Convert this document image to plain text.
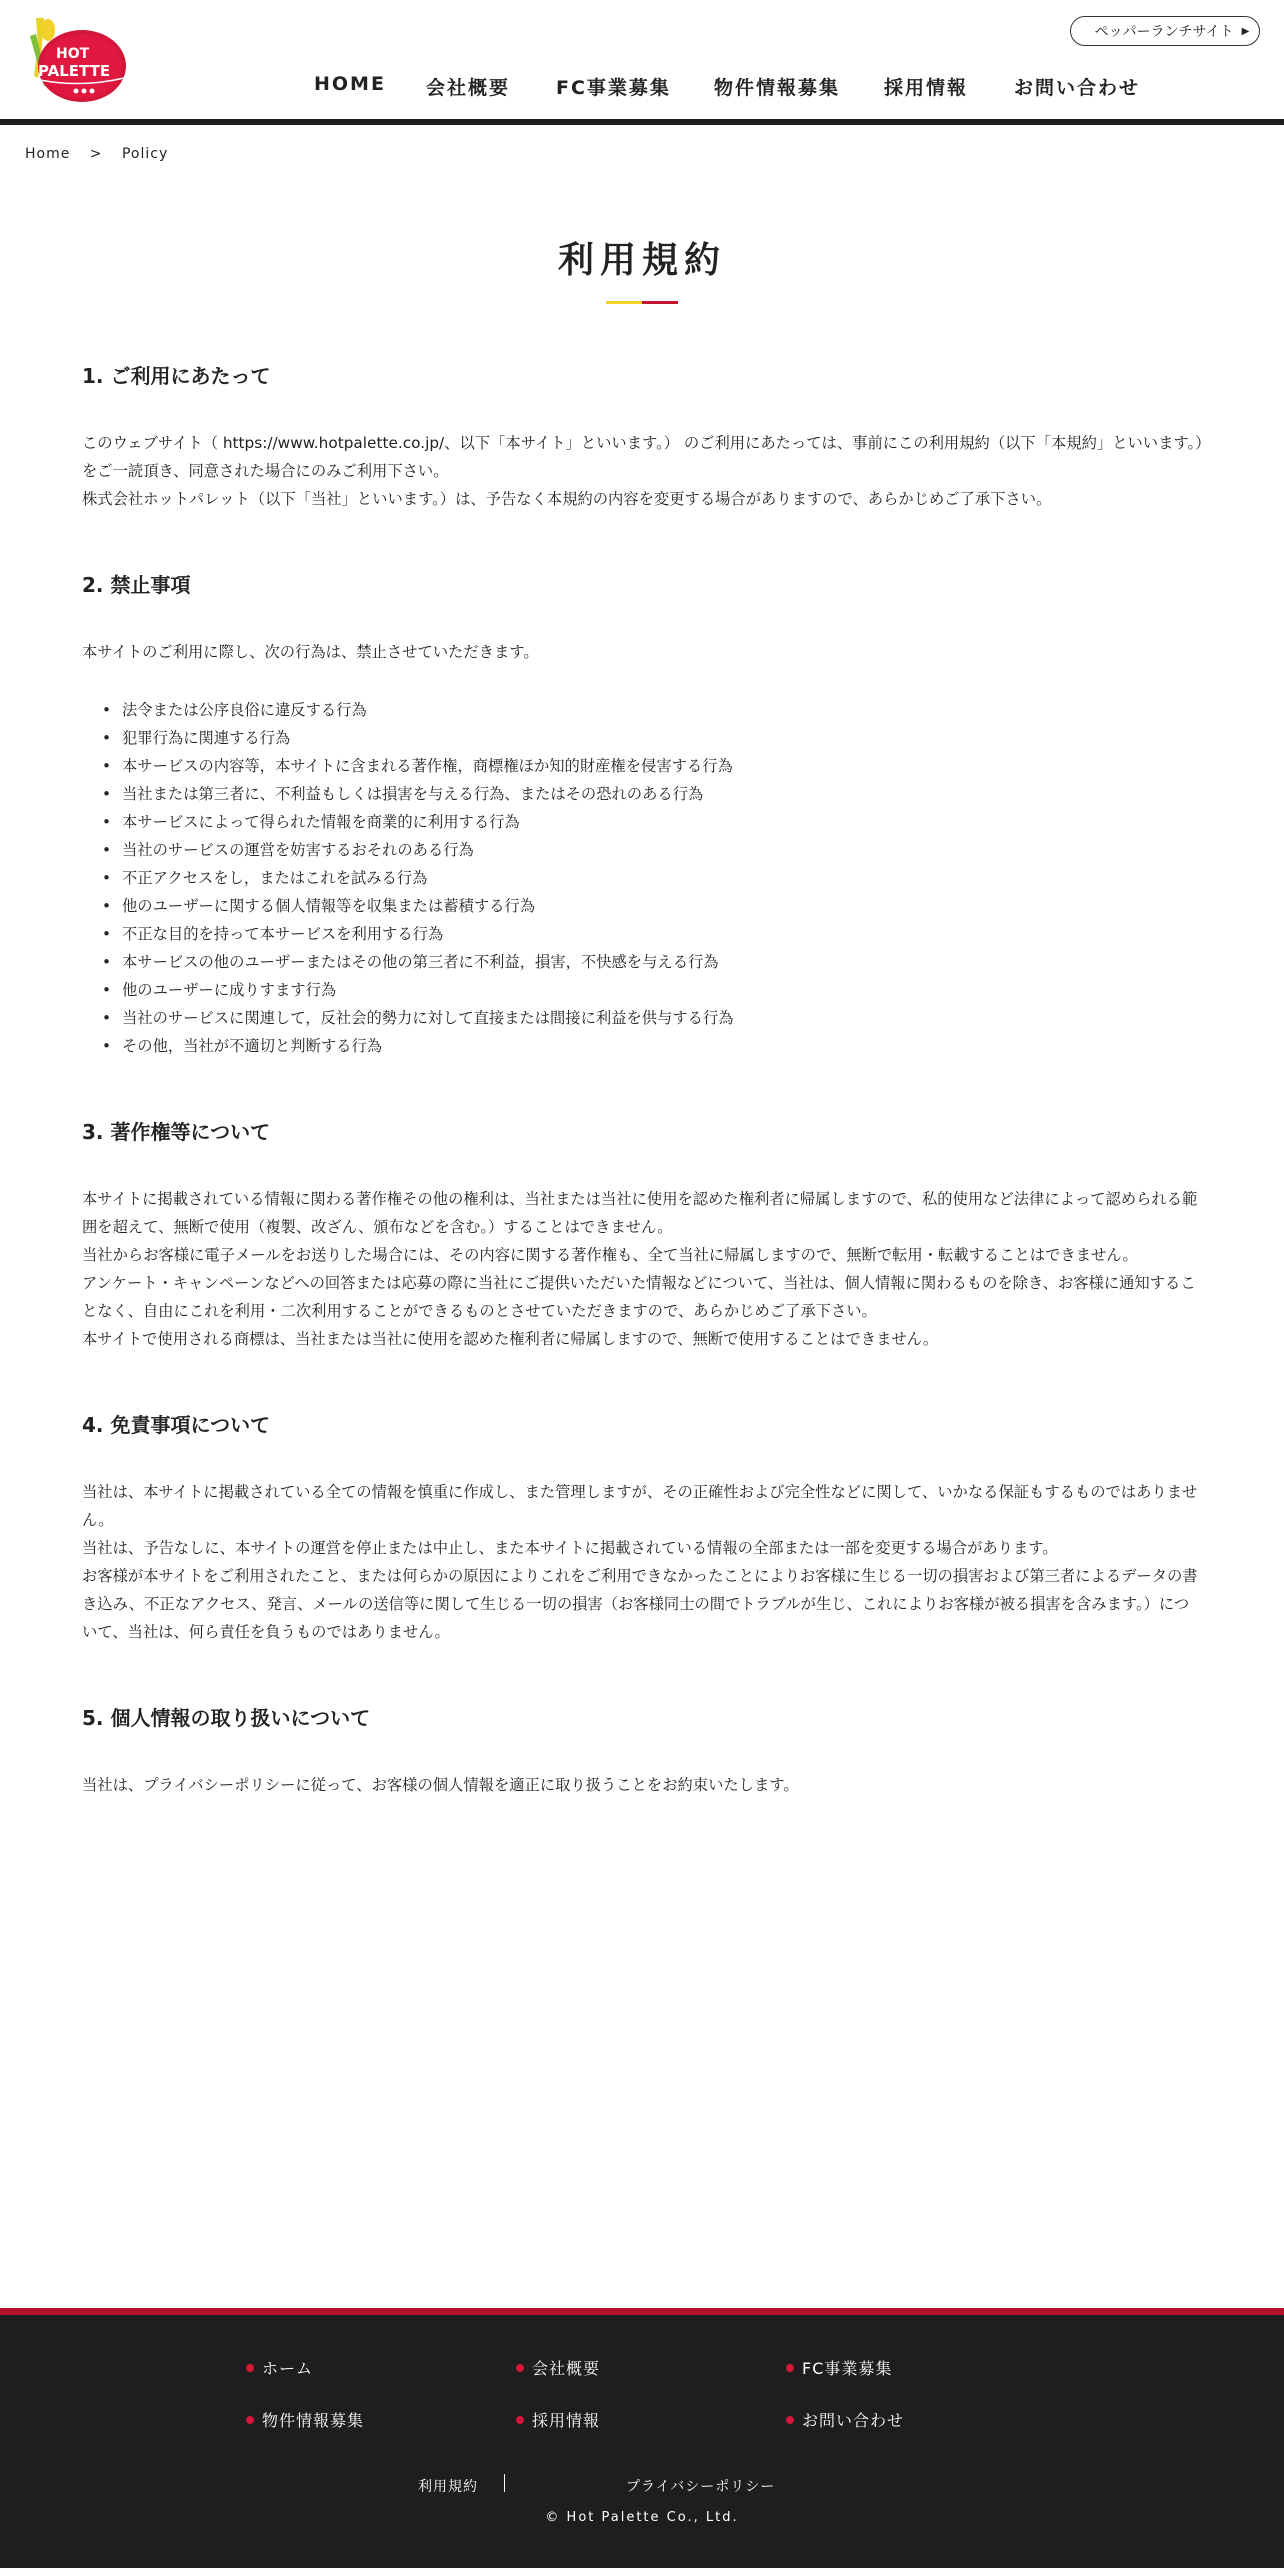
HOT
PALETTE
ペッパーランチサイト ▶
HOME 会社概要 FC事業募集 物件情報募集 採用情報 お問い合わせ
Home > Policy
利用規約
1. ご利用にあたって

このウェブサイト（ https://www.hotpalette.co.jp/、以下「本サイト」といいます。） のご利用にあたっては、事前にこの利用規約（以下「本規約」といいます。）をご一読頂き、同意された場合にのみご利用下さい。

株式会社ホットパレット（以下「当社」といいます。）は、予告なく本規約の内容を変更する場合がありますので、あらかじめご了承下さい。

2. 禁止事項

本サイトのご利用に際し、次の行為は、禁止させていただきます。

• 法令または公序良俗に違反する行為
• 犯罪行為に関連する行為
• 本サービスの内容等，本サイトに含まれる著作権，商標権ほか知的財産権を侵害する行為
• 当社または第三者に、不利益もしくは損害を与える行為、またはその恐れのある行為
• 本サービスによって得られた情報を商業的に利用する行為
• 当社のサービスの運営を妨害するおそれのある行為
• 不正アクセスをし，またはこれを試みる行為
• 他のユーザーに関する個人情報等を収集または蓄積する行為
• 不正な目的を持って本サービスを利用する行為
• 本サービスの他のユーザーまたはその他の第三者に不利益，損害，不快感を与える行為
• 他のユーザーに成りすます行為
• 当社のサービスに関連して，反社会的勢力に対して直接または間接に利益を供与する行為
• その他，当社が不適切と判断する行為
3. 著作権等について

本サイトに掲載されている情報に関わる著作権その他の権利は、当社または当社に使用を認めた権利者に帰属しますので、私的使用など法律によって認められる範囲を超えて、無断で使用（複製、改ざん、頒布などを含む。）することはできません。

当社からお客様に電子メールをお送りした場合には、その内容に関する著作権も、全て当社に帰属しますので、無断で転用・転載することはできません。

アンケート・キャンペーンなどへの回答または応募の際に当社にご提供いただいた情報などについて、当社は、個人情報に関わるものを除き、お客様に通知することなく、自由にこれを利用・二次利用することができるものとさせていただきますので、あらかじめご了承下さい。

本サイトで使用される商標は、当社または当社に使用を認めた権利者に帰属しますので、無断で使用することはできません。

4. 免責事項について

当社は、本サイトに掲載されている全ての情報を慎重に作成し、また管理しますが、その正確性および完全性などに関して、いかなる保証もするものではありません。

当社は、予告なしに、本サイトの運営を停止または中止し、また本サイトに掲載されている情報の全部または一部を変更する場合があります。

お客様が本サイトをご利用されたこと、または何らかの原因によりこれをご利用できなかったことによりお客様に生じる一切の損害および第三者によるデータの書き込み、不正なアクセス、発言、メールの送信等に関して生じる一切の損害（お客様同士の間でトラブルが生じ、これによりお客様が被る損害を含みます。）について、当社は、何ら責任を負うものではありません。

5. 個人情報の取り扱いについて

当社は、プライバシーポリシーに従って、お客様の個人情報を適正に取り扱うことをお約束いたします。

ホーム	会社概要	FC事業募集
物件情報募集	採用情報	お問い合わせ
利用規約	プライバシーポリシー
© Hot Palette Co., Ltd.
